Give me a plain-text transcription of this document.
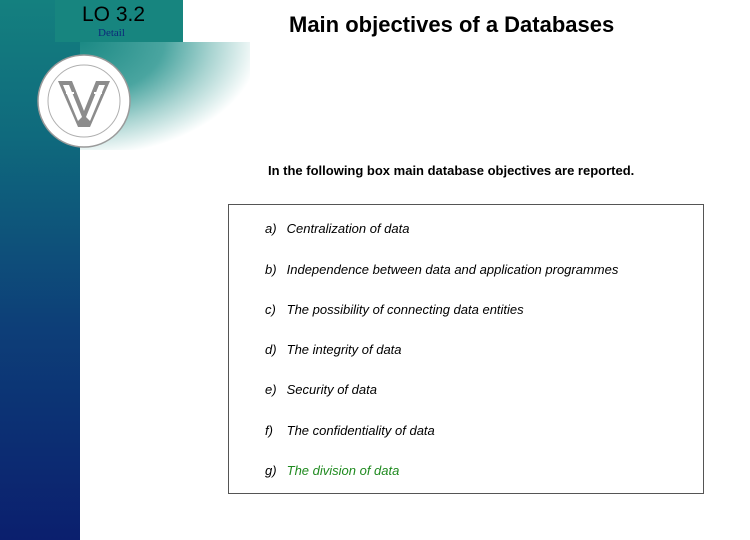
LO 3.2
Detail	Main objectives of a Databases
In the following box main database objectives are reported.
a) Centralization of data
b) Independence between data and application programmes
c) The possibility of connecting data entities
d) The integrity of data
e) Security of data
f) The confidentiality of data
g) The division of data
